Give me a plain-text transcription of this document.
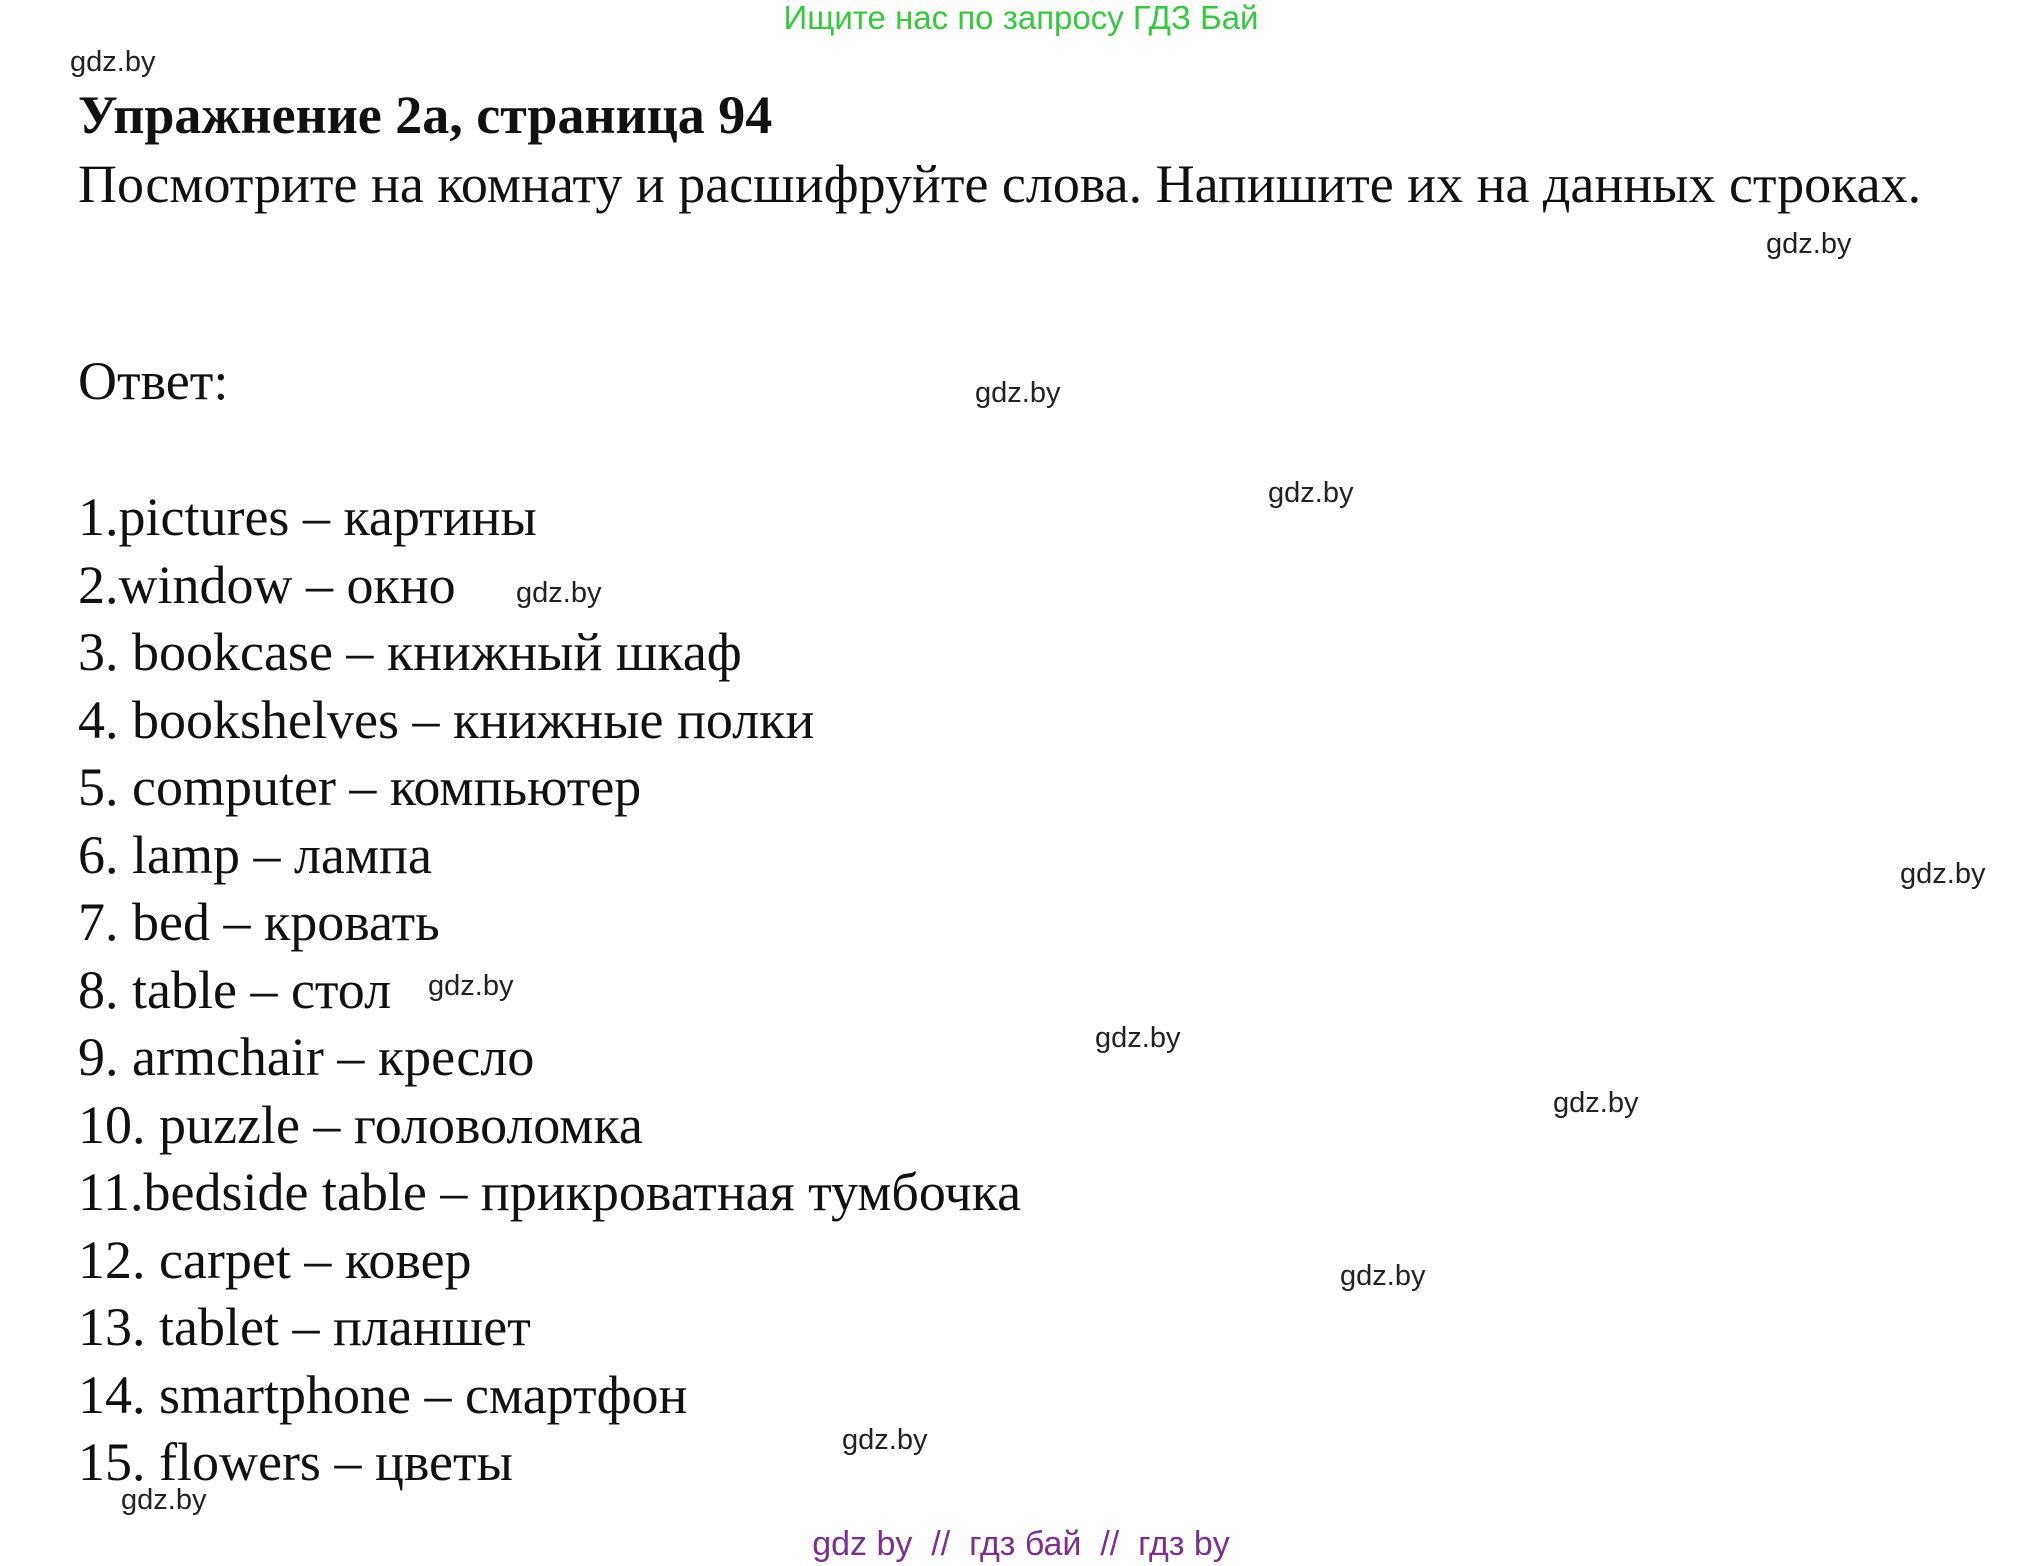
Ищите нас по запросу ГДЗ Бай
gdz.by
gdz.by
gdz.by
gdz.by
gdz.by
gdz.by
gdz.by
gdz.by
gdz.by
gdz.by
gdz.by
gdz.by
Упражнение 2а, страница 94

Посмотрите на комнату и расшифруйте слова. Напишите их на данных строках.

Ответ:

1.pictures – картины
2.window – окно
3. bookcase – книжный шкаф
4. bookshelves – книжные полки
5. computer – компьютер
6. lamp – лампа
7. bed – кровать
8. table – стол
9. armchair – кресло
10. puzzle – головоломка
11.bedside table – прикроватная тумбочка
12. carpet – ковер
13. tablet – планшет
14. smartphone – смартфон
15. flowers – цветы
gdz by  //  гдз бай  //  гдз by
